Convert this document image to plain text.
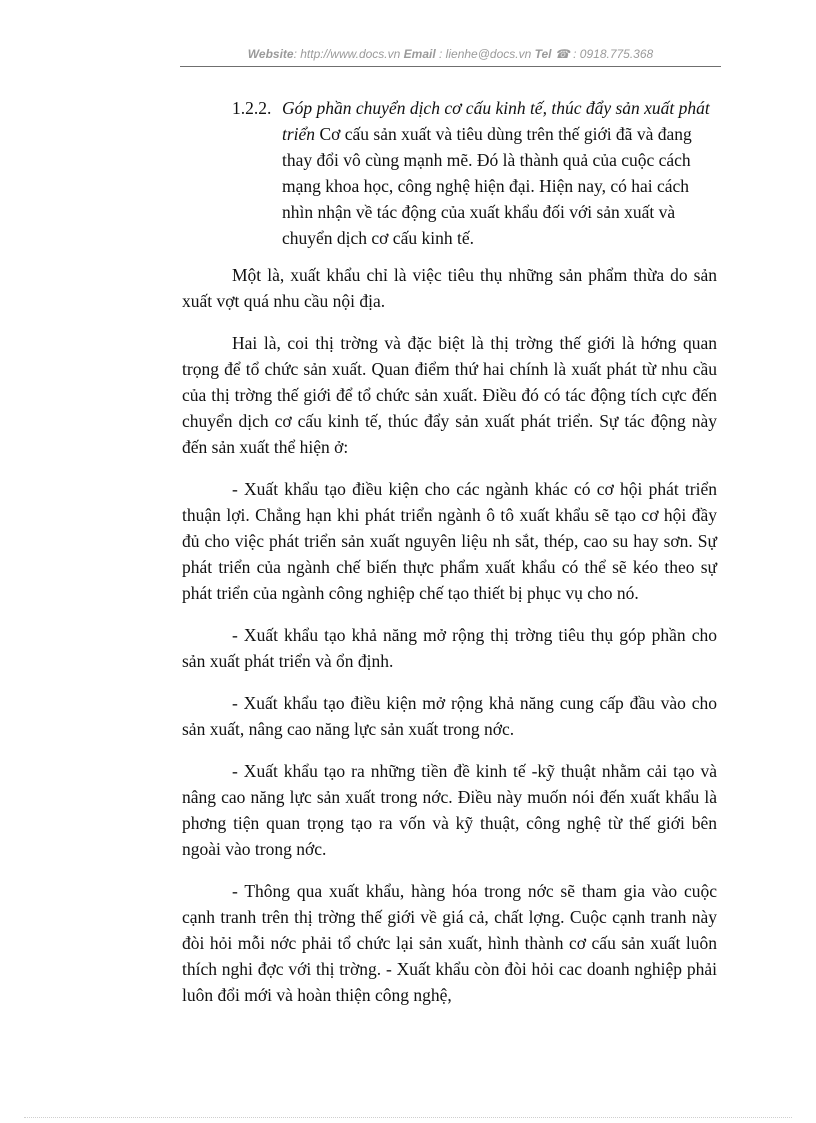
Website: http://www.docs.vn Email : lienhe@docs.vn Tel ☎ : 0918.775.368
1.2.2. Góp phần chuyển dịch cơ cấu kinh tế, thúc đẩy sản xuất phát triển Cơ cấu sản xuất và tiêu dùng trên thế giới đã và đang thay đổi vô cùng mạnh mẽ. Đó là thành quả của cuộc cách mạng khoa học, công nghệ hiện đại. Hiện nay, có hai cách nhìn nhận về tác động của xuất khẩu đối với sản xuất và chuyển dịch cơ cấu kinh tế.

Một là, xuất khẩu chỉ là việc tiêu thụ những sản phẩm thừa do sản xuất vợt quá nhu cầu nội địa.

Hai là, coi thị trờng và đặc biệt là thị trờng thế giới là hớng quan trọng để tổ chức sản xuất. Quan điểm thứ hai chính là xuất phát từ nhu cầu của thị trờng thế giới để tổ chức sản xuất. Điều đó có tác động tích cực đến chuyển dịch cơ cấu kinh tế, thúc đẩy sản xuất phát triển. Sự tác động này đến sản xuất thể hiện ở:

- Xuất khẩu tạo điều kiện cho các ngành khác có cơ hội phát triển thuận lợi. Chẳng hạn khi phát triển ngành ô tô xuất khẩu sẽ tạo cơ hội đầy đủ cho việc phát triển sản xuất nguyên liệu nh sắt, thép, cao su hay sơn. Sự phát triển của ngành chế biến thực phẩm xuất khẩu có thể sẽ kéo theo sự phát triển của ngành công nghiệp chế tạo thiết bị phục vụ cho nó.

- Xuất khẩu tạo khả năng mở rộng thị trờng tiêu thụ góp phần cho sản xuất phát triển và ổn định.

- Xuất khẩu tạo điều kiện mở rộng khả năng cung cấp đầu vào cho sản xuất, nâng cao năng lực sản xuất trong nớc.

- Xuất khẩu tạo ra những tiền đề kinh tế -kỹ thuật nhằm cải tạo và nâng cao năng lực sản xuất trong nớc. Điều này muốn nói đến xuất khẩu là phơng tiện quan trọng tạo ra vốn và kỹ thuật, công nghệ từ thế giới bên ngoài vào trong nớc.

- Thông qua xuất khẩu, hàng hóa trong nớc sẽ tham gia vào cuộc cạnh tranh trên thị trờng thế giới về giá cả, chất lợng. Cuộc cạnh tranh này đòi hỏi mỗi nớc phải tổ chức lại sản xuất, hình thành cơ cấu sản xuất luôn thích nghi đợc với thị trờng. - Xuất khẩu còn đòi hỏi cac doanh nghiệp phải luôn đổi mới và hoàn thiện công nghệ,
